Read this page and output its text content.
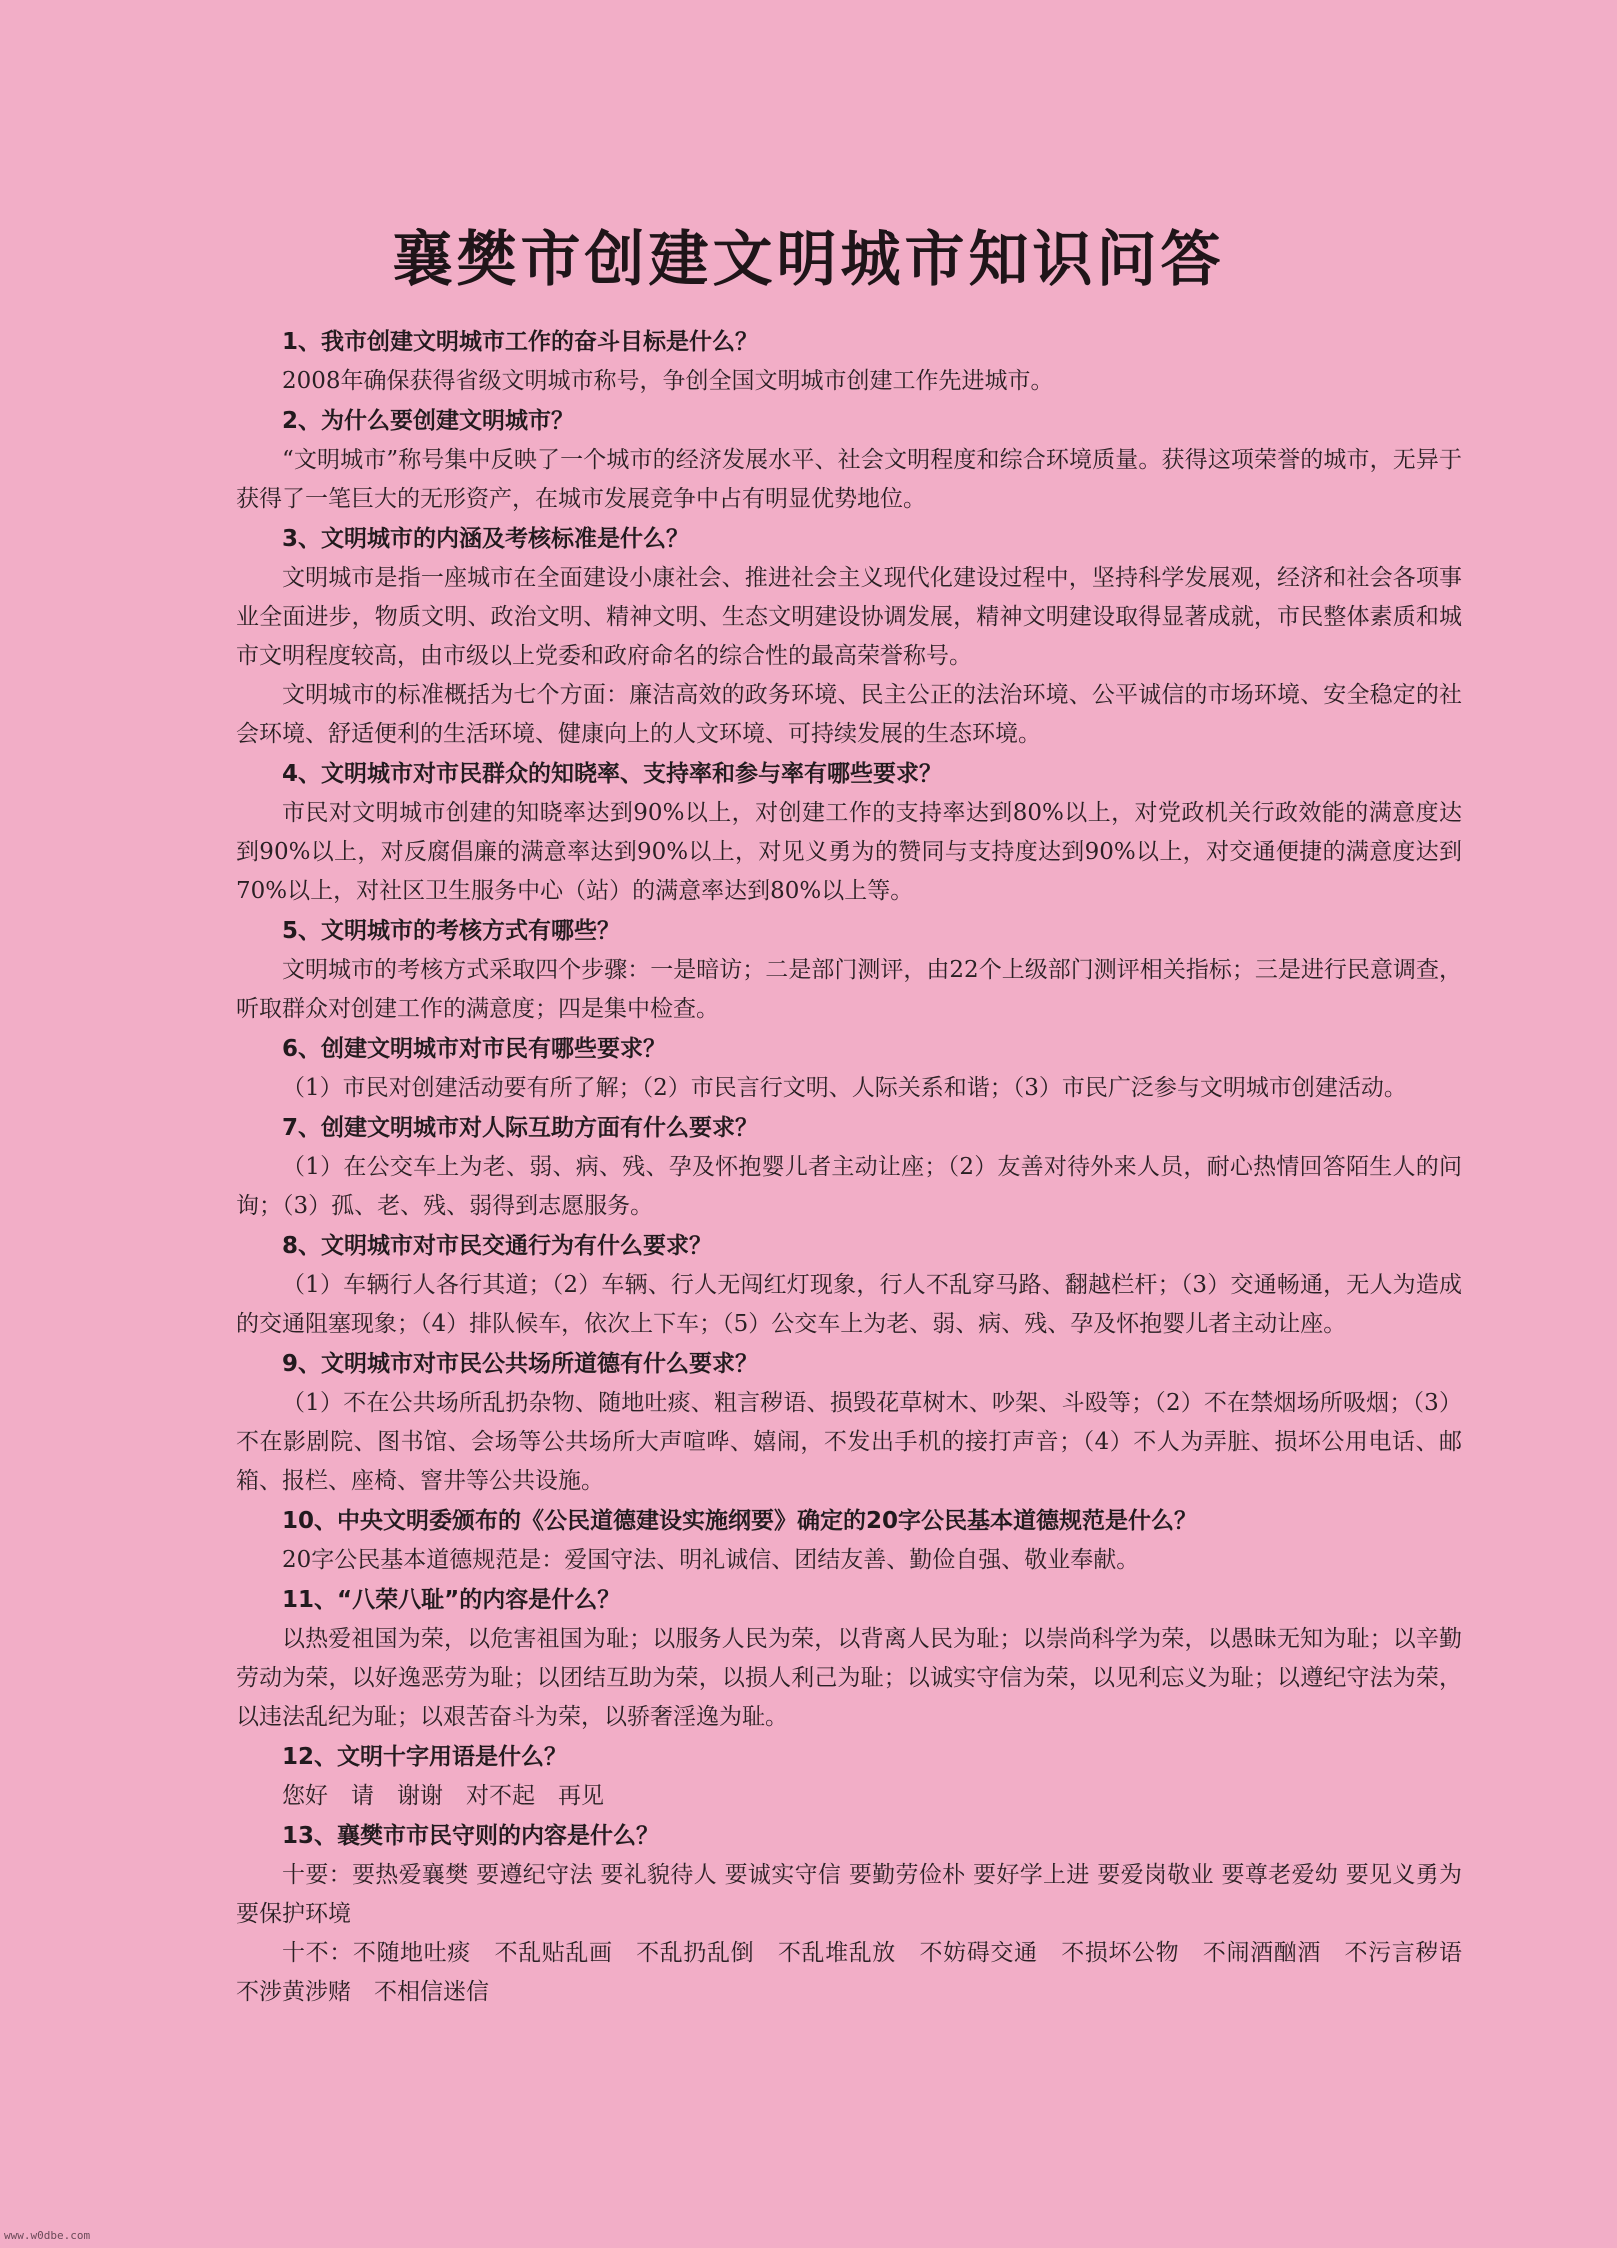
襄樊市创建文明城市知识问答

1、我市创建文明城市工作的奋斗目标是什么？

2008年确保获得省级文明城市称号，争创全国文明城市创建工作先进城市。

2、为什么要创建文明城市？

“文明城市”称号集中反映了一个城市的经济发展水平、社会文明程度和综合环境质量。获得这项荣誉的城市，无异于获得了一笔巨大的无形资产，在城市发展竞争中占有明显优势地位。

3、文明城市的内涵及考核标准是什么？

文明城市是指一座城市在全面建设小康社会、推进社会主义现代化建设过程中，坚持科学发展观，经济和社会各项事业全面进步，物质文明、政治文明、精神文明、生态文明建设协调发展，精神文明建设取得显著成就，市民整体素质和城市文明程度较高，由市级以上党委和政府命名的综合性的最高荣誉称号。

文明城市的标准概括为七个方面：廉洁高效的政务环境、民主公正的法治环境、公平诚信的市场环境、安全稳定的社会环境、舒适便利的生活环境、健康向上的人文环境、可持续发展的生态环境。

4、文明城市对市民群众的知晓率、支持率和参与率有哪些要求？

市民对文明城市创建的知晓率达到90%以上，对创建工作的支持率达到80%以上，对党政机关行政效能的满意度达到90%以上，对反腐倡廉的满意率达到90%以上，对见义勇为的赞同与支持度达到90%以上，对交通便捷的满意度达到70%以上，对社区卫生服务中心（站）的满意率达到80%以上等。

5、文明城市的考核方式有哪些？

文明城市的考核方式采取四个步骤：一是暗访；二是部门测评，由22个上级部门测评相关指标；三是进行民意调查，听取群众对创建工作的满意度；四是集中检查。

6、创建文明城市对市民有哪些要求？

（1）市民对创建活动要有所了解；（2）市民言行文明、人际关系和谐；（3）市民广泛参与文明城市创建活动。

7、创建文明城市对人际互助方面有什么要求？

（1）在公交车上为老、弱、病、残、孕及怀抱婴儿者主动让座；（2）友善对待外来人员，耐心热情回答陌生人的问询；（3）孤、老、残、弱得到志愿服务。

8、文明城市对市民交通行为有什么要求？

（1）车辆行人各行其道；（2）车辆、行人无闯红灯现象，行人不乱穿马路、翻越栏杆；（3）交通畅通，无人为造成的交通阻塞现象；（4）排队候车，依次上下车；（5）公交车上为老、弱、病、残、孕及怀抱婴儿者主动让座。

9、文明城市对市民公共场所道德有什么要求？

（1）不在公共场所乱扔杂物、随地吐痰、粗言秽语、损毁花草树木、吵架、斗殴等；（2）不在禁烟场所吸烟；（3）不在影剧院、图书馆、会场等公共场所大声喧哗、嬉闹，不发出手机的接打声音；（4）不人为弄脏、损坏公用电话、邮箱、报栏、座椅、窨井等公共设施。

10、中央文明委颁布的《公民道德建设实施纲要》确定的20字公民基本道德规范是什么？

20字公民基本道德规范是：爱国守法、明礼诚信、团结友善、勤俭自强、敬业奉献。

11、“八荣八耻”的内容是什么？

以热爱祖国为荣，以危害祖国为耻；以服务人民为荣，以背离人民为耻；以崇尚科学为荣，以愚昧无知为耻；以辛勤劳动为荣，以好逸恶劳为耻；以团结互助为荣，以损人利己为耻；以诚实守信为荣，以见利忘义为耻；以遵纪守法为荣，以违法乱纪为耻；以艰苦奋斗为荣，以骄奢淫逸为耻。

12、文明十字用语是什么？

您好　请　谢谢　对不起　再见

13、襄樊市市民守则的内容是什么？

十要：要热爱襄樊 要遵纪守法 要礼貌待人 要诚实守信 要勤劳俭朴 要好学上进 要爱岗敬业 要尊老爱幼 要见义勇为 要保护环境

十不：不随地吐痰　不乱贴乱画　不乱扔乱倒　不乱堆乱放　不妨碍交通　不损坏公物　不闹酒酗酒　不污言秽语　不涉黄涉赌　不相信迷信

www.w0dbe.com
